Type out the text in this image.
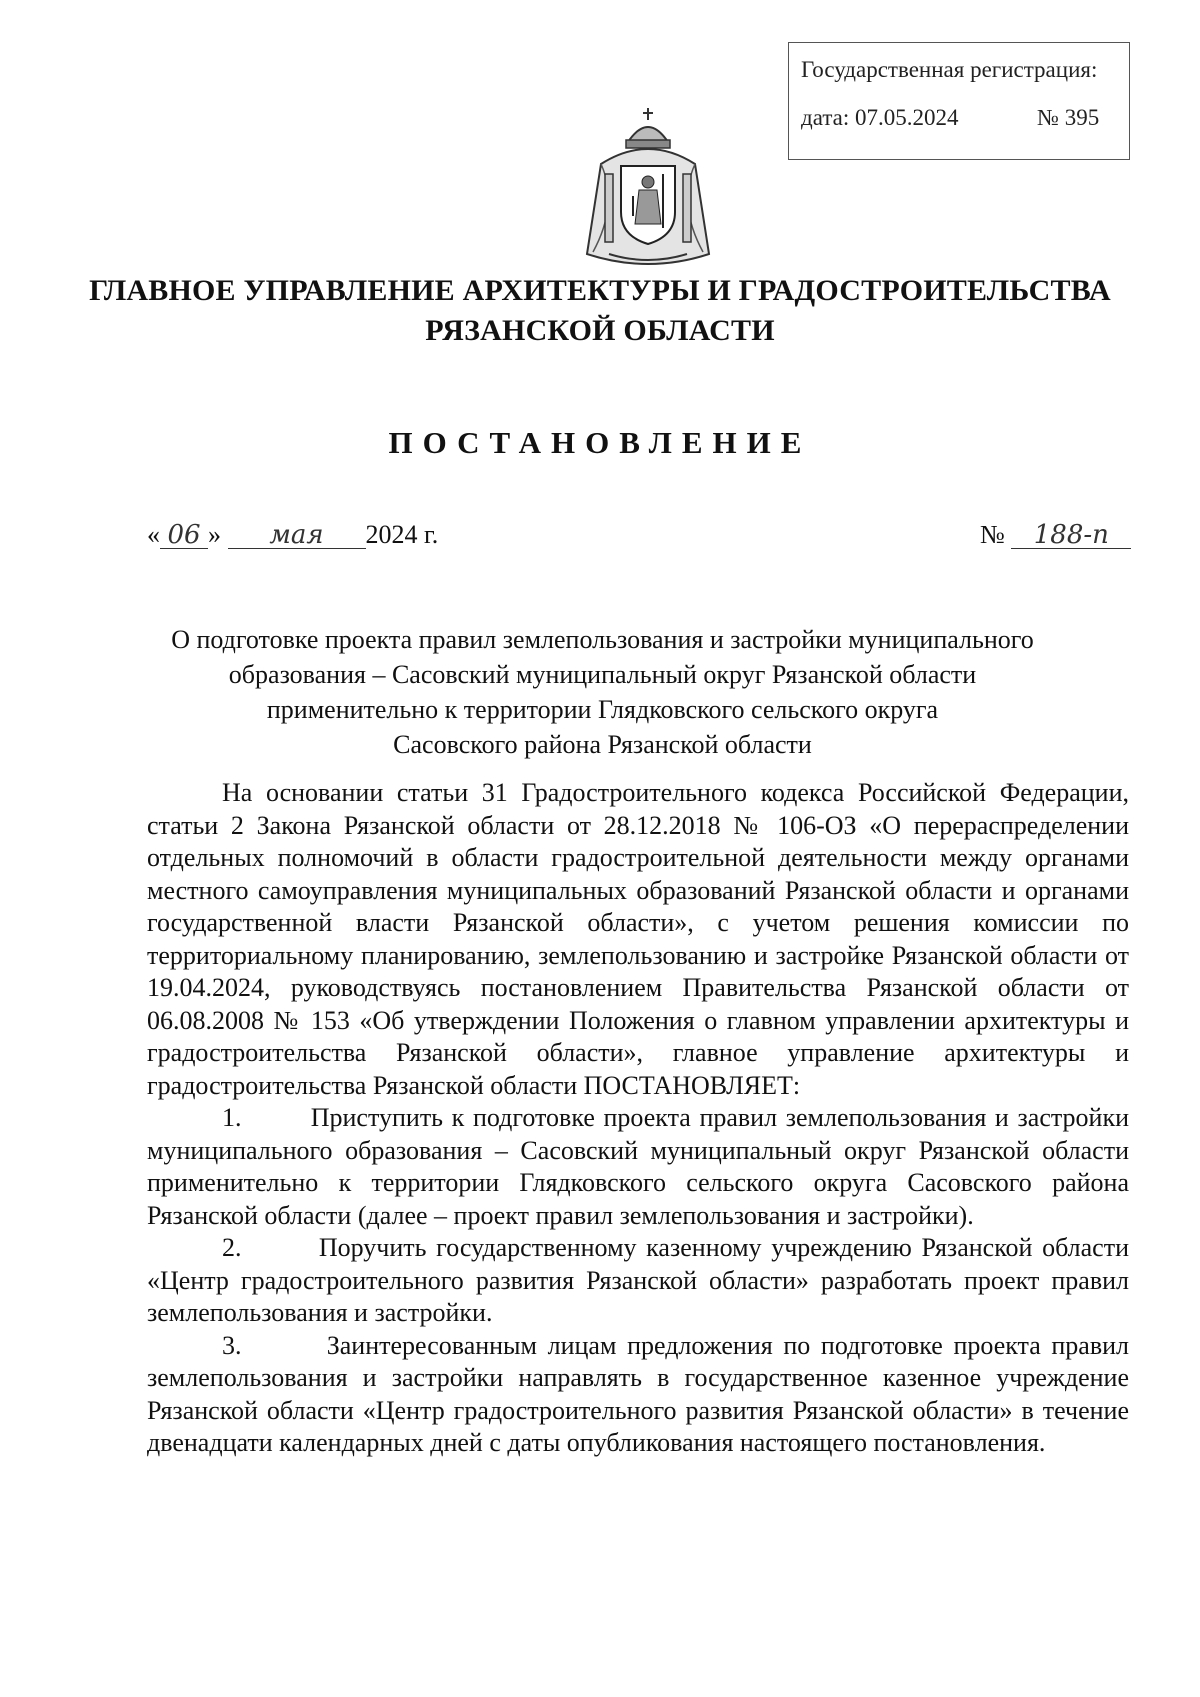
Государственная регистрация:
дата: 07.05.2024	№ 395
ГЛАВНОЕ УПРАВЛЕНИЕ АРХИТЕКТУРЫ И ГРАДОСТРОИТЕЛЬСТВА
РЯЗАНСКОЙ ОБЛАСТИ
ПОСТАНОВЛЕНИЕ
« 06 » мая 2024 г.	№ 188-п
О подготовке проекта правил землепользования и застройки муниципального
образования – Сасовский муниципальный округ Рязанской области
применительно к территории Глядковского сельского округа
Сасовского района Рязанской области

На основании статьи 31 Градостроительного кодекса Российской Федерации, статьи 2 Закона Рязанской области от 28.12.2018 № 106-ОЗ «О перераспределении отдельных полномочий в области градостроительной деятельности между органами местного самоуправления муниципальных образований Рязанской области и органами государственной власти Рязанской области», с учетом решения комиссии по территориальному планированию, землепользованию и застройке Рязанской области от 19.04.2024, руководствуясь постановлением Правительства Рязанской области от 06.08.2008 № 153 «Об утверждении Положения о главном управлении архитектуры и градостроительства Рязанской области», главное управление архитектуры и градостроительства Рязанской области ПОСТАНОВЛЯЕТ:

1.	Приступить к подготовке проекта правил землепользования и застройки муниципального образования – Сасовский муниципальный округ Рязанской области применительно к территории Глядковского сельского округа Сасовского района Рязанской области (далее – проект правил землепользования и застройки).

2.	Поручить государственному казенному учреждению Рязанской области «Центр градостроительного развития Рязанской области» разработать проект правил землепользования и застройки.

3.	Заинтересованным лицам предложения по подготовке проекта правил землепользования и застройки направлять в государственное казенное учреждение Рязанской области «Центр градостроительного развития Рязанской области» в течение двенадцати календарных дней с даты опубликования настоящего постановления.
